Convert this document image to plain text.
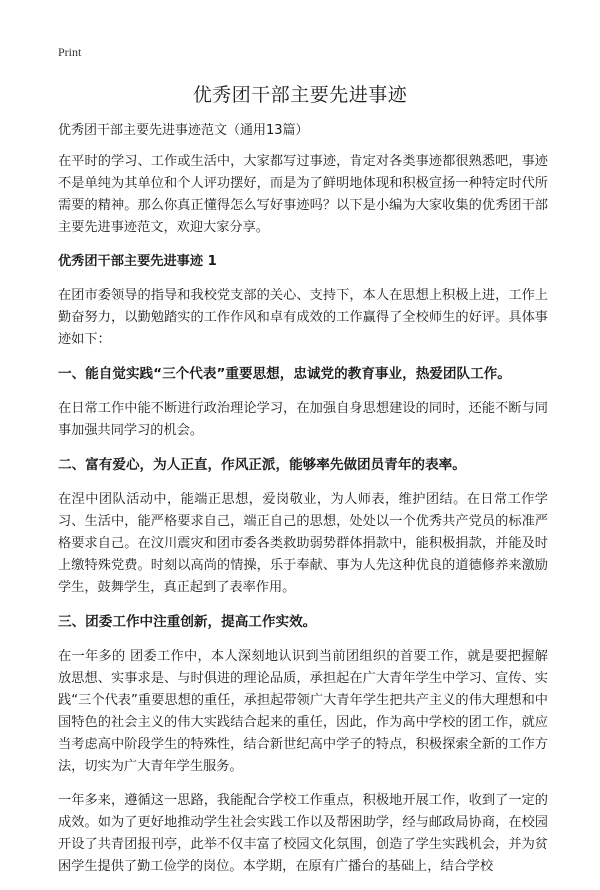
Print
优秀团干部主要先进事迹

优秀团干部主要先进事迹范文（通用13篇）

在平时的学习、工作或生活中，大家都写过事迹，肯定对各类事迹都很熟悉吧，事迹不是单纯为其单位和个人评功摆好，而是为了鲜明地体现和积极宣扬一种特定时代所需要的精神。那么你真正懂得怎么写好事迹吗？以下是小编为大家收集的优秀团干部主要先进事迹范文，欢迎大家分享。

优秀团干部主要先进事迹 1

在团市委领导的指导和我校党支部的关心、支持下，本人在思想上积极上进，工作上勤奋努力，以勤勉踏实的工作作风和卓有成效的工作赢得了全校师生的好评。具体事迹如下：

一、能自觉实践“三个代表”重要思想，忠诚党的教育事业，热爱团队工作。

在日常工作中能不断进行政治理论学习，在加强自身思想建设的同时，还能不断与同事加强共同学习的机会。

二、富有爱心，为人正直，作风正派，能够率先做团员青年的表率。

在涅中团队活动中，能端正思想，爱岗敬业，为人师表，维护团结。在日常工作学习、生活中，能严格要求自己，端正自己的思想，处处以一个优秀共产党员的标准严格要求自己。在汶川震灾和团市委各类救助弱势群体捐款中，能积极捐款，并能及时上缴特殊党费。时刻以高尚的情操，乐于奉献、事为人先这种优良的道德修养来激励学生，鼓舞学生，真正起到了表率作用。

三、团委工作中注重创新，提高工作实效。

在一年多的 团委工作中，本人深刻地认识到当前团组织的首要工作，就是要把握解放思想、实事求是、与时俱进的理论品质，承担起在广大青年学生中学习、宣传、实践“三个代表”重要思想的重任，承担起带领广大青年学生把共产主义的伟大理想和中国特色的社会主义的伟大实践结合起来的重任，因此，作为高中学校的团工作，就应当考虑高中阶段学生的特殊性，结合新世纪高中学子的特点，积极探索全新的工作方法，切实为广大青年学生服务。

一年多来，遵循这一思路，我能配合学校工作重点，积极地开展工作，收到了一定的成效。如为了更好地推动学生社会实践工作以及帮困助学，经与邮政局协商，在校园开设了共青团报刊亭，此举不仅丰富了校园文化氛围，创造了学生实践机会，并为贫困学生提供了勤工俭学的岗位。本学期，在原有广播台的基础上，结合学校
